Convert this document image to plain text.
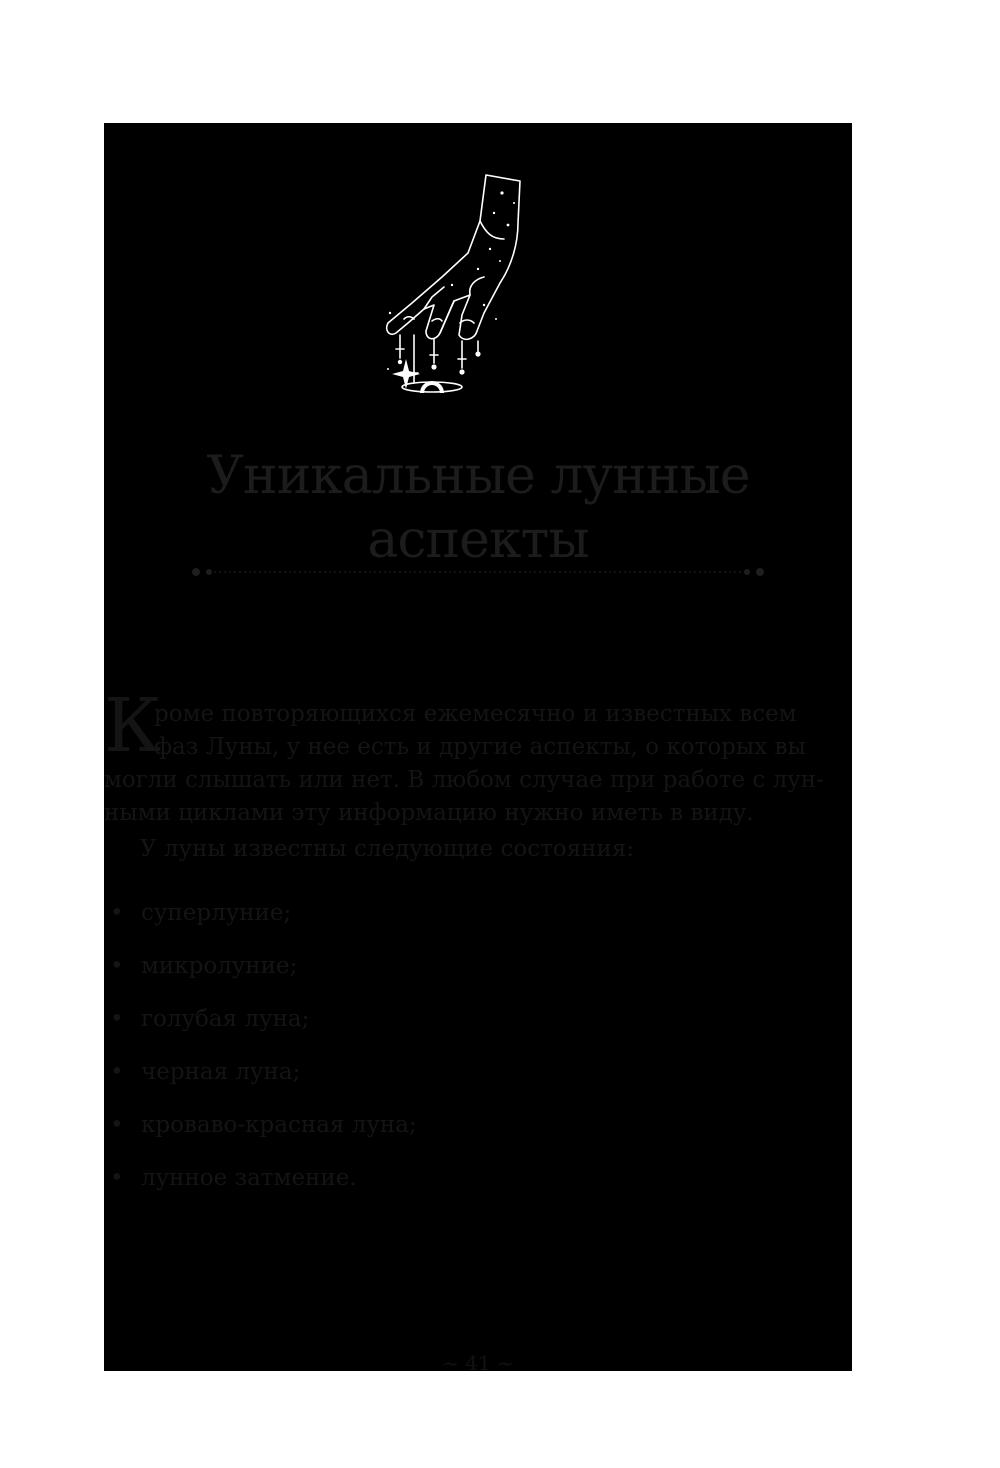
Уникальные лунные
аспекты
К
роме повторяющихся ежемесячно и известных всем
фаз Луны, у нее есть и другие аспекты, о которых вы
могли слышать или нет. В любом случае при работе с лун-
ными циклами эту информацию нужно иметь в виду.
У луны известны следующие состояния:
• суперлуние;
• микролуние;
• голубая луна;
• черная луна;
• кроваво-красная луна;
• лунное затмение.
~ 41 ~
